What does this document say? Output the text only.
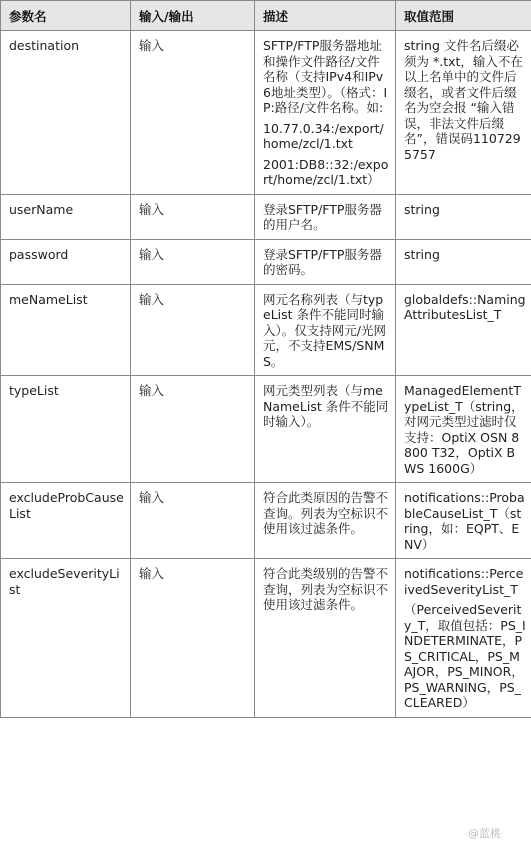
参数名	输入/输出	描述	取值范围
destination	输入	SFTP/FTP服务器地址和操作文件路径/文件名称（支持IPv4和IPv6地址类型）。（格式：IP:路径/文件名称。如:

10.77.0.34:/export/home/zcl/1.txt

2001:DB8::32:/export/home/zcl/1.txt）	string 文件名后缀必须为 *.txt，输入不在以上名单中的文件后缀名，或者文件后缀名为空会报 “输入错误，非法文件后缀名”，错误码1107295757

userName	输入	登录SFTP/FTP服务器的用户名。	string

password	输入	登录SFTP/FTP服务器的密码。	string

meNameList	输入	网元名称列表（与typeList 条件不能同时输入）。仅支持网元/光网元，不支持EMS/SNMS。	globaldefs::NamingAttributesList_T

typeList	输入	网元类型列表（与meNameList 条件不能同时输入）。	ManagedElementTypeList_T（string，对网元类型过滤时仅支持：OptiX OSN 8800 T32，OptiX BWS 1600G）

excludeProbCauseList	输入	符合此类原因的告警不查询。列表为空标识不使用该过滤条件。	notifications::ProbableCauseList_T（string，如：EQPT、ENV）

excludeSeverityList	输入	符合此类级别的告警不查询，列表为空标识不使用该过滤条件。	notifications::PerceivedSeverityList_T

（PerceivedSeverity_T，取值包括：PS_INDETERMINATE，PS_CRITICAL，PS_MAJOR，PS_MINOR，PS_WARNING，PS_CLEARED）

@蓝桃
